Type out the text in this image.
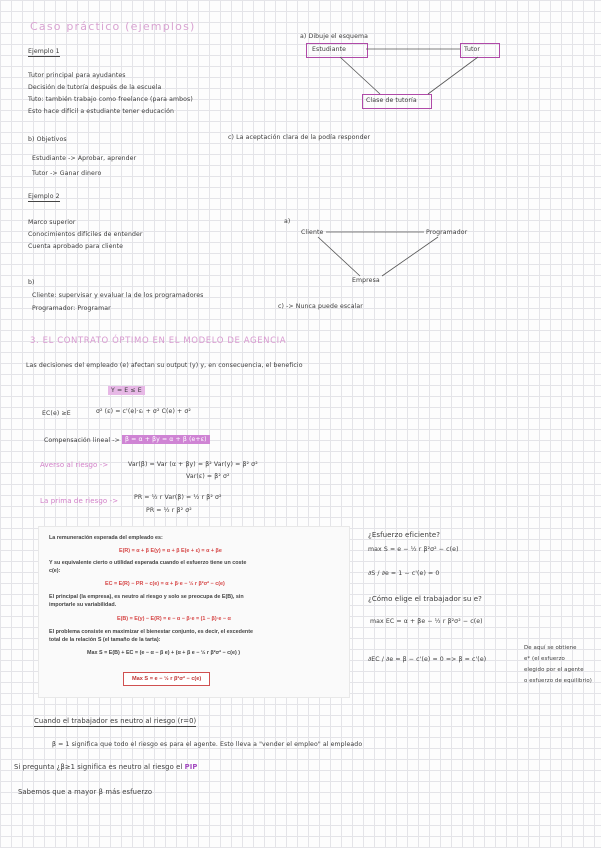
Caso práctico (ejemplos)
Ejemplo 1
Tutor principal para ayudantes
Decisión de tutoría después de la escuela
Tuto: también trabajo como freelance (para ambos)
Esto hace difícil a estudiante tener educación
b) Objetivos
Estudiante -> Aprobar, aprender
Tutor -> Ganar dinero
c) La aceptación clara de la podía responder
a) Dibuje el esquema
Estudiante	Tutor
Clase de tutoría
Ejemplo 2
Marco superior
Conocimientos difíciles de entender
Cuenta aprobado para cliente
a)
Cliente	Programador
Empresa
b)
Cliente: supervisar y evaluar la de los programadores
Programador: Programar	c) -> Nunca puede escalar
3. EL CONTRATO ÓPTIMO EN EL MODELO DE AGENCIA
Las decisiones del empleado (e) afectan su output (y) y, en consecuencia, el beneficio
Y = E ≤ E
EC(e) ≥E	σ² (ε) = c'(e)·εᵢ + σ² C(e) + σ²
Compensación lineal -> β = α + βy = α + β (e+ε)
Averso al riesgo ->	Var(β) = Var (α + βy) = β² Var(y) = β² σ²
Var(ε) = β² σ²
La prima de riesgo ->	PR = ½ r Var(β) = ½ r β² σ²
PR = ½ r β² σ²
La remuneración esperada del empleado es:
E(R) = α + β E(y) = α + β E(e + ε) = α + βe
Y su equivalente cierto o utilidad esperada cuando el esfuerzo tiene un coste
c(e):
EC = E(R) − PR − c(e) = α + β·e − ½ r β²σ² − c(e)
El principal (la empresa), es neutro al riesgo y solo se preocupa de E(B), sin
importarle su variabilidad.
E(B) = E(y) − E(R) = e − α − β·e = (1 − β)·e − α
El problema consiste en maximizar el bienestar conjunto, es decir, el excedente
total de la relación S (el tamaño de la tarta):
Max S = E(B) + EC = (e − α − β e) + (α + β e − ½ r β²σ² − c(e) )
Max S = e − ½ r β²σ² − c(e)
¿Esfuerzo eficiente?
max S = e − ½ r β²σ² − c(e)
∂S / ∂e = 1 − c'(e) = 0
¿Cómo elige el trabajador su e?
max EC = α + βe − ½ r β²σ² − c(e)
∂EC / ∂e = β − c'(e) = 0 => β = c'(e)
De aquí se obtiene
e* (el esfuerzo
elegido por el agente
o esfuerzo de equilibrio)
Cuando el trabajador es neutro al riesgo (r=0)
β = 1 significa que todo el riesgo es para el agente. Esto lleva a "vender el empleo" al empleado
Si pregunta ¿β≥1 significa es neutro al riesgo el PIP
Sabemos que a mayor β más esfuerzo
